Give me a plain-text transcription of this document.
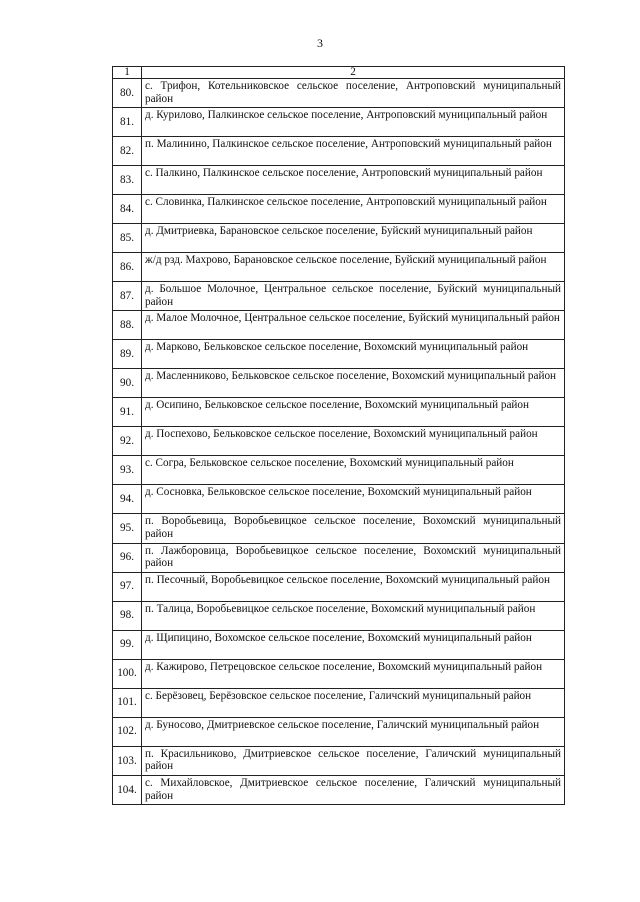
3
1	2
80.	с. Трифон, Котельниковское сельское поселение, Антроповский муниципальный район
81.	д. Курилово, Палкинское сельское поселение, Антроповский муниципальный район
82.	п. Малинино, Палкинское сельское поселение, Антроповский муниципальный район
83.	с. Палкино, Палкинское сельское поселение, Антроповский муниципальный район
84.	с. Словинка, Палкинское сельское поселение, Антроповский муниципальный район
85.	д. Дмитриевка, Барановское сельское поселение, Буйский муниципальный район
86.	ж/д рзд. Махрово, Барановское сельское поселение, Буйский муниципальный район
87.	д. Большое Молочное, Центральное сельское поселение, Буйский муниципальный район
88.	д. Малое Молочное, Центральное сельское поселение, Буйский муниципальный район
89.	д. Марково, Бельковское сельское поселение, Вохомский муниципальный район
90.	д. Масленниково, Бельковское сельское поселение, Вохомский муниципальный район
91.	д. Осипино, Бельковское сельское поселение, Вохомский муниципальный район
92.	д. Поспехово, Бельковское сельское поселение, Вохомский муниципальный район
93.	с. Согра, Бельковское сельское поселение, Вохомский муниципальный район
94.	д. Сосновка, Бельковское сельское поселение, Вохомский муниципальный район
95.	п. Воробьевица, Воробьевицкое сельское поселение, Вохомский муниципальный район
96.	п. Лажборовица, Воробьевицкое сельское поселение, Вохомский муниципальный район
97.	п. Песочный, Воробьевицкое сельское поселение, Вохомский муниципальный район
98.	п. Талица, Воробьевицкое сельское поселение, Вохомский муниципальный район
99.	д. Щипицино, Вохомское сельское поселение, Вохомский муниципальный район
100.	д. Кажирово, Петрецовское сельское поселение, Вохомский муниципальный район
101.	с. Берёзовец, Берёзовское сельское поселение, Галичский муниципальный район
102.	д. Буносово, Дмитриевское сельское поселение, Галичский муниципальный район
103.	п. Красильниково, Дмитриевское сельское поселение, Галичский муниципальный район
104.	с. Михайловское, Дмитриевское сельское поселение, Галичский муниципальный район
